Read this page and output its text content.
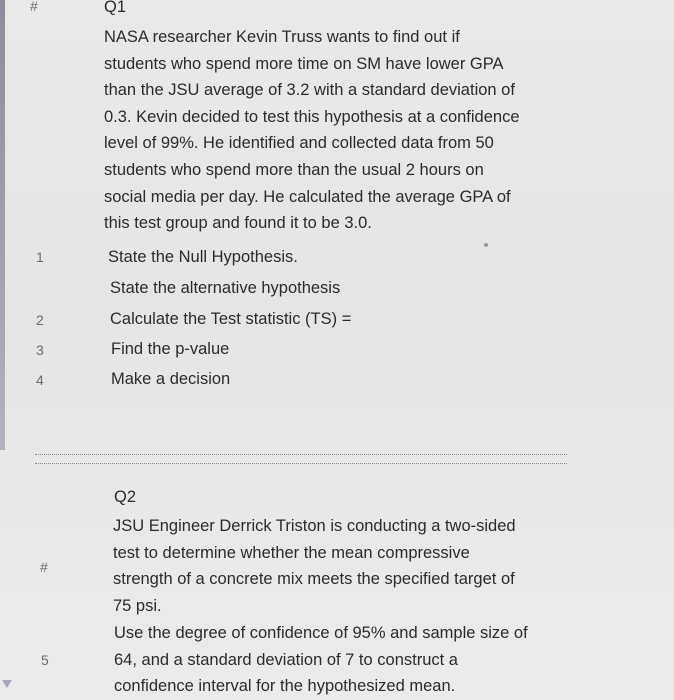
#
1
2
3
4
#
5
Q1
NASA researcher Kevin Truss wants to find out if
students who spend more time on SM have lower GPA
than the JSU average of 3.2 with a standard deviation of
0.3. Kevin decided to test this hypothesis at a confidence
level of 99%. He identified and collected data from 50
students who spend more than the usual 2 hours on
social media per day. He calculated the average GPA of
this test group and found it to be 3.0.
State the Null Hypothesis.
State the alternative hypothesis
Calculate the Test statistic (TS) =
Find the p-value
Make a decision
Q2
JSU Engineer Derrick Triston is conducting a two-sided
test to determine whether the mean compressive
strength of a concrete mix meets the specified target of
75 psi.
Use the degree of confidence of 95% and sample size of
64, and a standard deviation of 7 to construct a
confidence interval for the hypothesized mean.
